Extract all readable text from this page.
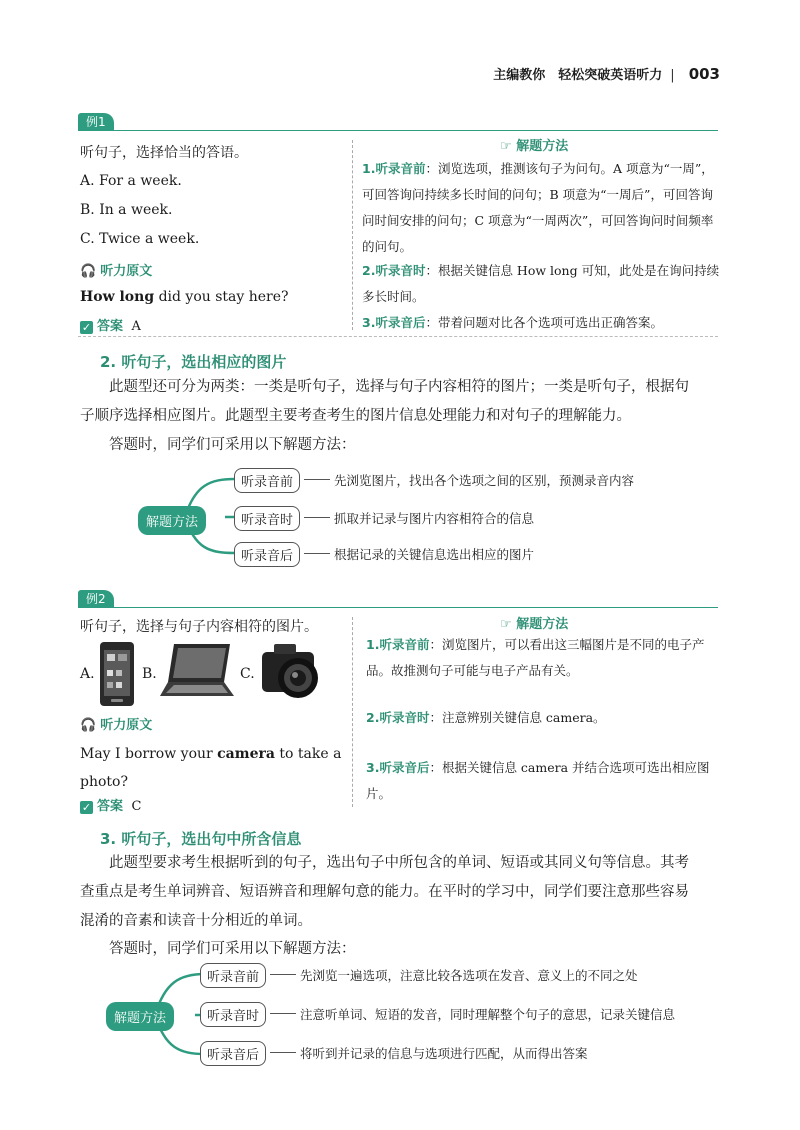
主编教你　轻松突破英语听力 | 003
例1
听句子，选择恰当的答语。
A. For a week.
B. In a week.
C. Twice a week.
🎧 听力原文
How long did you stay here?
✓ 答案 A
☞ 解题方法
1.听录音前：浏览选项，推测该句子为问句。A 项意为“一周”，可回答询问持续多长时间的问句；B 项意为“一周后”，可回答询问时间安排的问句；C 项意为“一周两次”，可回答询问时间频率的问句。
2.听录音时：根据关键信息 How long 可知，此处是在询问持续多长时间。
3.听录音后：带着问题对比各个选项可选出正确答案。
2. 听句子，选出相应的图片
此题型还可分为两类：一类是听句子，选择与句子内容相符的图片；一类是听句子，根据句子顺序选择相应图片。此题型主要考查考生的图片信息处理能力和对句子的理解能力。
答题时，同学们可采用以下解题方法：
解题方法
听录音前	先浏览图片，找出各个选项之间的区别，预测录音内容
听录音时	抓取并记录与图片内容相符合的信息
听录音后	根据记录的关键信息选出相应的图片
例2
听句子，选择与句子内容相符的图片。
A.	B.	C.
🎧 听力原文
May I borrow your camera to take a photo?
✓ 答案 C
☞ 解题方法
1.听录音前：浏览图片，可以看出这三幅图片是不同的电子产品。故推测句子可能与电子产品有关。
2.听录音时：注意辨别关键信息 camera。
3.听录音后：根据关键信息 camera 并结合选项可选出相应图片。
3. 听句子，选出句中所含信息
此题型要求考生根据听到的句子，选出句子中所包含的单词、短语或其同义句等信息。其考查重点是考生单词辨音、短语辨音和理解句意的能力。在平时的学习中，同学们要注意那些容易混淆的音素和读音十分相近的单词。
答题时，同学们可采用以下解题方法：
解题方法
听录音前	先浏览一遍选项，注意比较各选项在发音、意义上的不同之处
听录音时	注意听单词、短语的发音，同时理解整个句子的意思，记录关键信息
听录音后	将听到并记录的信息与选项进行匹配，从而得出答案
